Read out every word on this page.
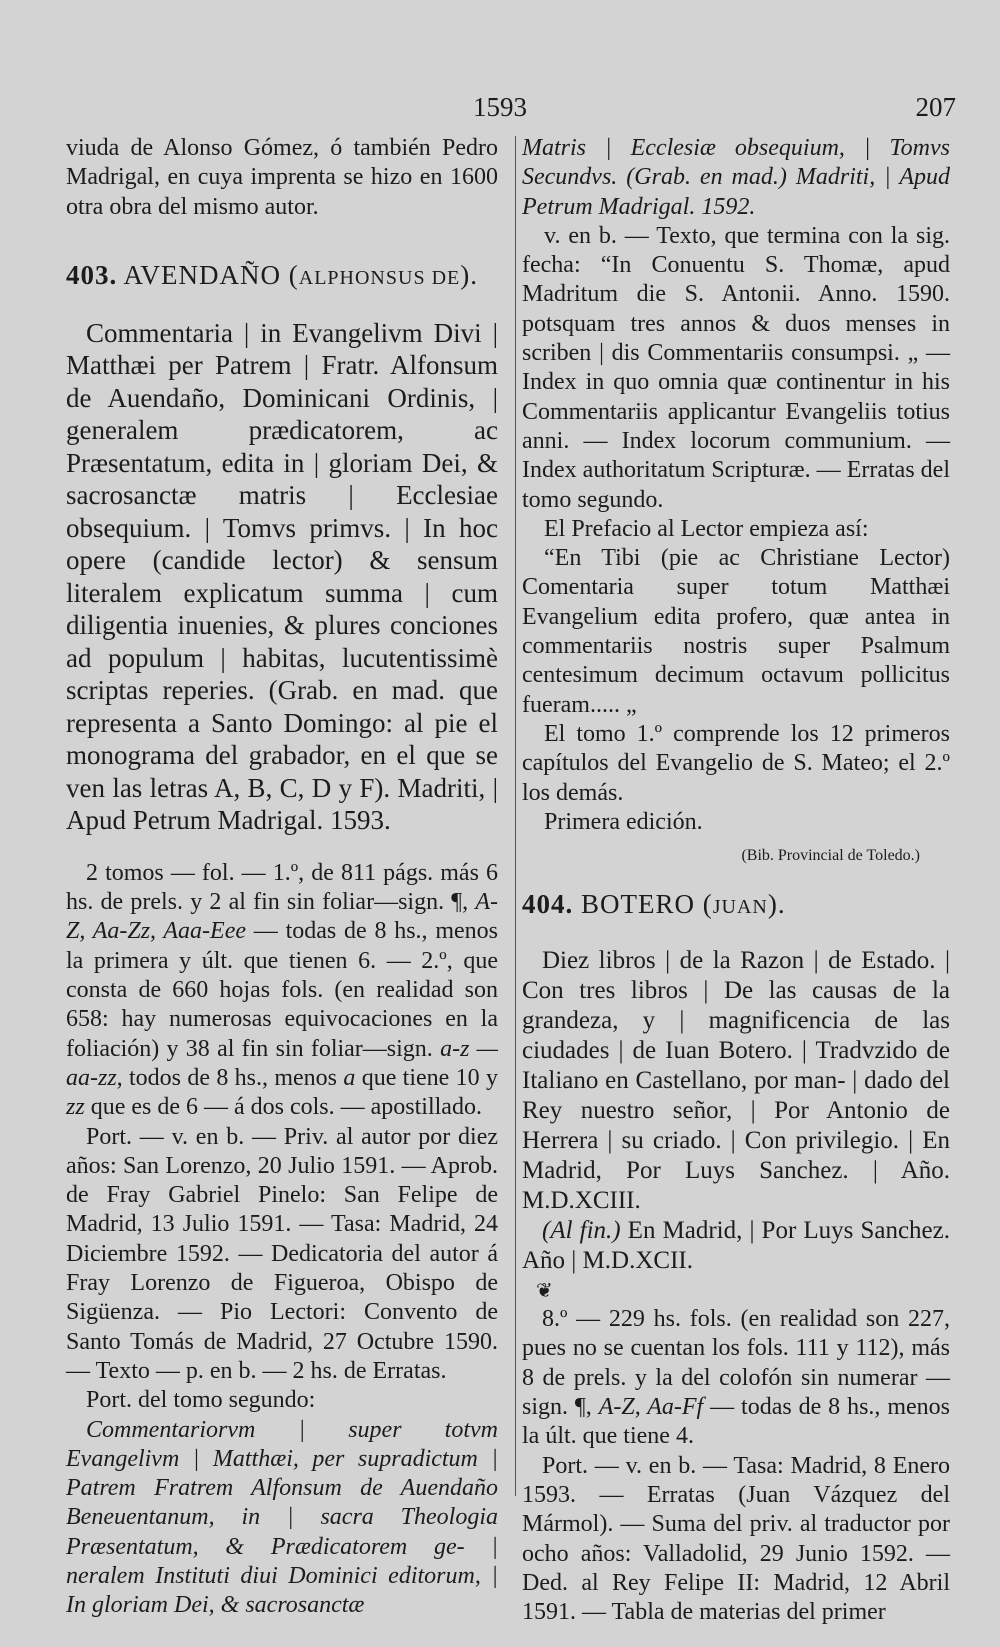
1593	207

viuda de Alonso Gómez, ó también Pedro Madrigal, en cuya imprenta se hizo en 1600 otra obra del mismo autor.

403. AVENDAÑO (ALPHONSUS DE).

Commentaria | in Evangelivm Divi | Matthæi per Patrem | Fratr. Alfonsum de Auendaño, Dominicani Ordinis, | generalem prædicatorem, ac Præsentatum, edita in | gloriam Dei, & sacrosanctæ matris | Ecclesiae obsequium. | Tomvs primvs. | In hoc opere (candide lector) & sensum literalem explicatum summa | cum diligentia inuenies, & plures conciones ad populum | habitas, lucutentissimè scriptas reperies. (Grab. en mad. que representa a Santo Domingo: al pie el monograma del grabador, en el que se ven las letras A, B, C, D y F). Madriti, | Apud Petrum Madrigal. 1593.

2 tomos — fol. — 1.º, de 811 págs. más 6 hs. de prels. y 2 al fin sin foliar—sign. ¶, A-Z, Aa-Zz, Aaa-Eee — todas de 8 hs., menos la primera y últ. que tienen 6. — 2.º, que consta de 660 hojas fols. (en realidad son 658: hay numerosas equivocaciones en la foliación) y 38 al fin sin foliar—sign. a-z — aa-zz, todos de 8 hs., menos a que tiene 10 y zz que es de 6 — á dos cols. — apostillado.

Port. — v. en b. — Priv. al autor por diez años: San Lorenzo, 20 Julio 1591. — Aprob. de Fray Gabriel Pinelo: San Felipe de Madrid, 13 Julio 1591. — Tasa: Madrid, 24 Diciembre 1592. — Dedicatoria del autor á Fray Lorenzo de Figueroa, Obispo de Sigüenza. — Pio Lectori: Convento de Santo Tomás de Madrid, 27 Octubre 1590. — Texto — p. en b. — 2 hs. de Erratas.

Port. del tomo segundo:

Commentariorvm | super totvm Evangelivm | Matthæi, per supradictum | Patrem Fratrem Alfonsum de Auendaño Beneuentanum, in | sacra Theologia Præsentatum, & Prædicatorem ge- | neralem Instituti diui Dominici editorum, | In gloriam Dei, & sacrosanctæ

Matris | Ecclesiæ obsequium, | Tomvs Secundvs. (Grab. en mad.) Madriti, | Apud Petrum Madrigal. 1592.

v. en b. — Texto, que termina con la sig. fecha: “In Conuentu S. Thomæ, apud Madritum die S. Antonii. Anno. 1590. potsquam tres annos & duos menses in scriben | dis Commentariis consumpsi. „ — Index in quo omnia quæ continentur in his Commentariis applicantur Evangeliis totius anni. — Index locorum communium. — Index authoritatum Scripturæ. — Erratas del tomo segundo.

El Prefacio al Lector empieza así:

“En Tibi (pie ac Christiane Lector) Comentaria super totum Matthæi Evangelium edita profero, quæ antea in commentariis nostris super Psalmum centesimum decimum octavum pollicitus fueram..... „

El tomo 1.º comprende los 12 primeros capítulos del Evangelio de S. Mateo; el 2.º los demás.

Primera edición.

(Bib. Provincial de Toledo.)

404. BOTERO (JUAN).

Diez libros | de la Razon | de Estado. | Con tres libros | De las causas de la grandeza, y | magnificencia de las ciudades | de Iuan Botero. | Tradvzido de Italiano en Castellano, por man- | dado del Rey nuestro señor, | Por Antonio de Herrera | su criado. | Con privilegio. | En Madrid, Por Luys Sanchez. | Año. M.D.XCIII.

(Al fin.) En Madrid, | Por Luys Sanchez. Año | M.D.XCII.

❦

8.º — 229 hs. fols. (en realidad son 227, pues no se cuentan los fols. 111 y 112), más 8 de prels. y la del colofón sin numerar — sign. ¶, A-Z, Aa-Ff — todas de 8 hs., menos la últ. que tiene 4.

Port. — v. en b. — Tasa: Madrid, 8 Enero 1593. — Erratas (Juan Vázquez del Mármol). — Suma del priv. al traductor por ocho años: Valladolid, 29 Junio 1592. — Ded. al Rey Felipe II: Madrid, 12 Abril 1591. — Tabla de materias del primer
